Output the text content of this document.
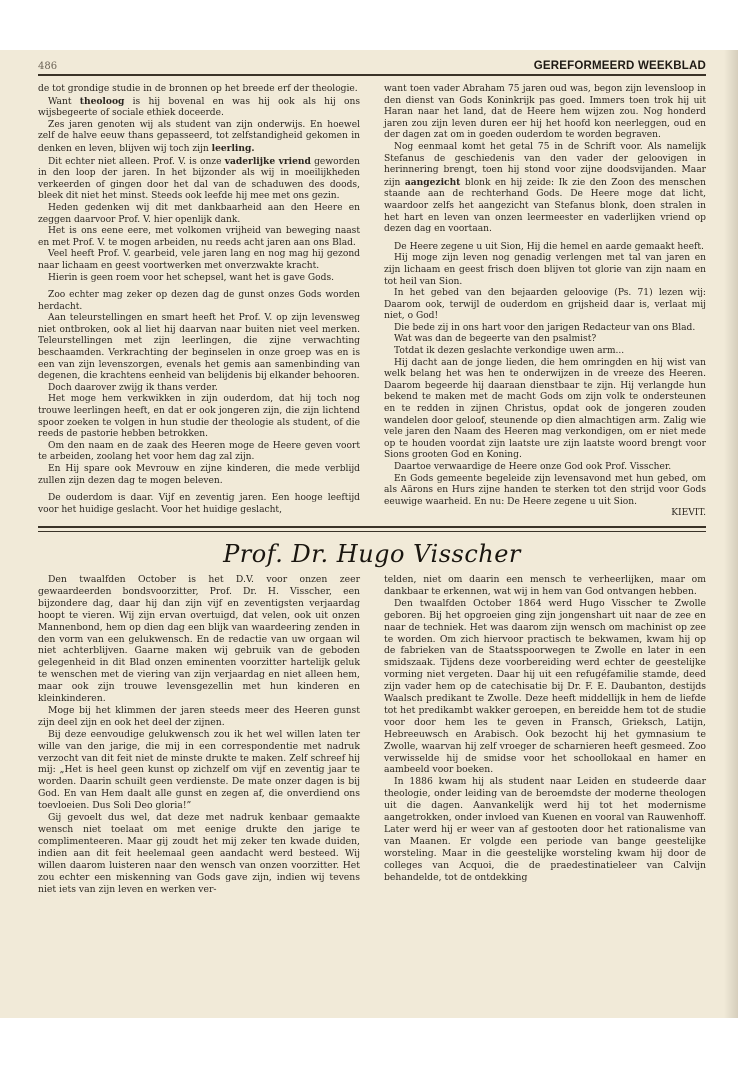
486	GEREFORMEERD WEEKBLAD

de tot grondige studie in de bronnen op het breede erf der theologie.

Want theoloog is hij bovenal en was hij ook als hij ons wijsbegeerte of sociale ethiek doceerde.

Zes jaren genoten wij als student van zijn onderwijs. En hoewel zelf de halve eeuw thans gepasseerd, tot zelfstandigheid gekomen in denken en leven, blijven wij toch zijn leerling.

Dit echter niet alleen. Prof. V. is onze vaderlijke vriend geworden in den loop der jaren. In het bijzonder als wij in moeilijkheden verkeerden of gingen door het dal van de schaduwen des doods, bleek dit niet het minst. Steeds ook leefde hij mee met ons gezin.

Heden gedenken wij dit met dankbaarheid aan den Heere en zeggen daarvoor Prof. V. hier openlijk dank.

Het is ons eene eere, met volkomen vrijheid van beweging naast en met Prof. V. te mogen arbeiden, nu reeds acht jaren aan ons Blad.

Veel heeft Prof. V. gearbeid, vele jaren lang en nog mag hij gezond naar lichaam en geest voortwerken met onverzwakte kracht.

Hierin is geen roem voor het schepsel, want het is gave Gods.

Zoo echter mag zeker op dezen dag de gunst onzes Gods worden herdacht.

Aan teleurstellingen en smart heeft het Prof. V. op zijn levensweg niet ontbroken, ook al liet hij daarvan naar buiten niet veel merken. Teleurstellingen met zijn leerlingen, die zijne verwachting beschaamden. Verkrachting der beginselen in onze groep was en is een van zijn levenszorgen, evenals het gemis aan samenbinding van degenen, die krachtens eenheid van belijdenis bij elkander behooren.

Doch daarover zwijg ik thans verder.

Het moge hem verkwikken in zijn ouderdom, dat hij toch nog trouwe leerlingen heeft, en dat er ook jongeren zijn, die zijn lichtend spoor zoeken te volgen in hun studie der theologie als student, of die reeds de pastorie hebben betrokken.

Om den naam en de zaak des Heeren moge de Heere geven voort te arbeiden, zoolang het voor hem dag zal zijn.

En Hij spare ook Mevrouw en zijne kinderen, die mede verblijd zullen zijn dezen dag te mogen beleven.

De ouderdom is daar. Vijf en zeventig jaren. Een hooge leeftijd voor het huidige geslacht. Voor het huidige geslacht,

want toen vader Abraham 75 jaren oud was, begon zijn levensloop in den dienst van Gods Koninkrijk pas goed. Immers toen trok hij uit Haran naar het land, dat de Heere hem wijzen zou. Nog honderd jaren zou zijn leven duren eer hij het hoofd kon neerleggen, oud en der dagen zat om in goeden ouderdom te worden begraven.

Nog eenmaal komt het getal 75 in de Schrift voor. Als namelijk Stefanus de geschiedenis van den vader der geloovigen in herinnering brengt, toen hij stond voor zijne doodsvijanden. Maar zijn aangezicht blonk en hij zeide: Ik zie den Zoon des menschen staande aan de rechterhand Gods. De Heere moge dat licht, waardoor zelfs het aangezicht van Stefanus blonk, doen stralen in het hart en leven van onzen leermeester en vaderlijken vriend op dezen dag en voortaan.

De Heere zegene u uit Sion, Hij die hemel en aarde gemaakt heeft.

Hij moge zijn leven nog genadig verlengen met tal van jaren en zijn lichaam en geest frisch doen blijven tot glorie van zijn naam en tot heil van Sion.

In het gebed van den bejaarden geloovige (Ps. 71) lezen wij: Daarom ook, terwijl de ouderdom en grijsheid daar is, verlaat mij niet, o God!

Die bede zij in ons hart voor den jarigen Redacteur van ons Blad.

Wat was dan de begeerte van den psalmist?

Totdat ik dezen geslachte verkondige uwen arm...

Hij dacht aan de jonge lieden, die hem omringden en hij wist van welk belang het was hen te onderwijzen in de vreeze des Heeren. Daarom begeerde hij daaraan dienstbaar te zijn. Hij verlangde hun bekend te maken met de macht Gods om zijn volk te ondersteunen en te redden in zijnen Christus, opdat ook de jongeren zouden wandelen door geloof, steunende op dien almachtigen arm. Zalig wie vele jaren den Naam des Heeren mag verkondigen, om er niet mede op te houden voordat zijn laatste ure zijn laatste woord brengt voor Sions grooten God en Koning.

Daartoe verwaardige de Heere onze God ook Prof. Visscher.

En Gods gemeente begeleide zijn levensavond met hun gebed, om als Aärons en Hurs zijne handen te sterken tot den strijd voor Gods eeuwige waarheid. En nu: De Heere zegene u uit Sion.

KIEVIT.

Prof. Dr. Hugo Visscher

Den twaalfden October is het D.V. voor onzen zeer gewaardeerden bondsvoorzitter, Prof. Dr. H. Visscher, een bijzondere dag, daar hij dan zijn vijf en zeventigsten verjaardag hoopt te vieren. Wij zijn ervan overtuigd, dat velen, ook uit onzen Mannenbond, hem op dien dag een blijk van waardeering zenden in den vorm van een gelukwensch. En de redactie van uw orgaan wil niet achterblijven. Gaarne maken wij gebruik van de geboden gelegenheid in dit Blad onzen eminenten voorzitter hartelijk geluk te wenschen met de viering van zijn verjaardag en niet alleen hem, maar ook zijn trouwe levensgezellin met hun kinderen en kleinkinderen.

Moge bij het klimmen der jaren steeds meer des Heeren gunst zijn deel zijn en ook het deel der zijnen.

Bij deze eenvoudige gelukwensch zou ik het wel willen laten ter wille van den jarige, die mij in een correspondentie met nadruk verzocht van dit feit niet de minste drukte te maken. Zelf schreef hij mij: „Het is heel geen kunst op zichzelf om vijf en zeventig jaar te worden. Daarin schuilt geen verdienste. De mate onzer dagen is bij God. En van Hem daalt alle gunst en zegen af, die onverdiend ons toevloeien. Dus Soli Deo gloria!”

Gij gevoelt dus wel, dat deze met nadruk kenbaar gemaakte wensch niet toelaat om met eenige drukte den jarige te complimenteeren. Maar gij zoudt het mij zeker ten kwade duiden, indien aan dit feit heelemaal geen aandacht werd besteed. Wij willen daarom luisteren naar den wensch van onzen voorzitter. Het zou echter een miskenning van Gods gave zijn, indien wij tevens niet iets van zijn leven en werken ver-

telden, niet om daarin een mensch te verheerlijken, maar om dankbaar te erkennen, wat wij in hem van God ontvangen hebben.

Den twaalfden October 1864 werd Hugo Visscher te Zwolle geboren. Bij het opgroeien ging zijn jongenshart uit naar de zee en naar de techniek. Het was daarom zijn wensch om machinist op zee te worden. Om zich hiervoor practisch te bekwamen, kwam hij op de fabrieken van de Staatsspoorwegen te Zwolle en later in een smidszaak. Tijdens deze voorbereiding werd echter de geestelijke vorming niet vergeten. Daar hij uit een refugéfamilie stamde, deed zijn vader hem op de catechisatie bij Dr. F. E. Daubanton, destijds Waalsch predikant te Zwolle. Deze heeft middellijk in hem de liefde tot het predikambt wakker geroepen, en bereidde hem tot de studie voor door hem les te geven in Fransch, Grieksch, Latijn, Hebreeuwsch en Arabisch. Ook bezocht hij het gymnasium te Zwolle, waarvan hij zelf vroeger de scharnieren heeft gesmeed. Zoo verwisselde hij de smidse voor het schoollokaal en hamer en aambeeld voor boeken.

In 1886 kwam hij als student naar Leiden en studeerde daar theologie, onder leiding van de beroemdste der moderne theologen uit die dagen. Aanvankelijk werd hij tot het modernisme aangetrokken, onder invloed van Kuenen en vooral van Rauwenhoff. Later werd hij er weer van af gestooten door het rationalisme van van Maanen. Er volgde een periode van bange geestelijke worsteling. Maar in die geestelijke worsteling kwam hij door de colleges van Acquoi, die de praedestinatieleer van Calvijn behandelde, tot de ontdekking
